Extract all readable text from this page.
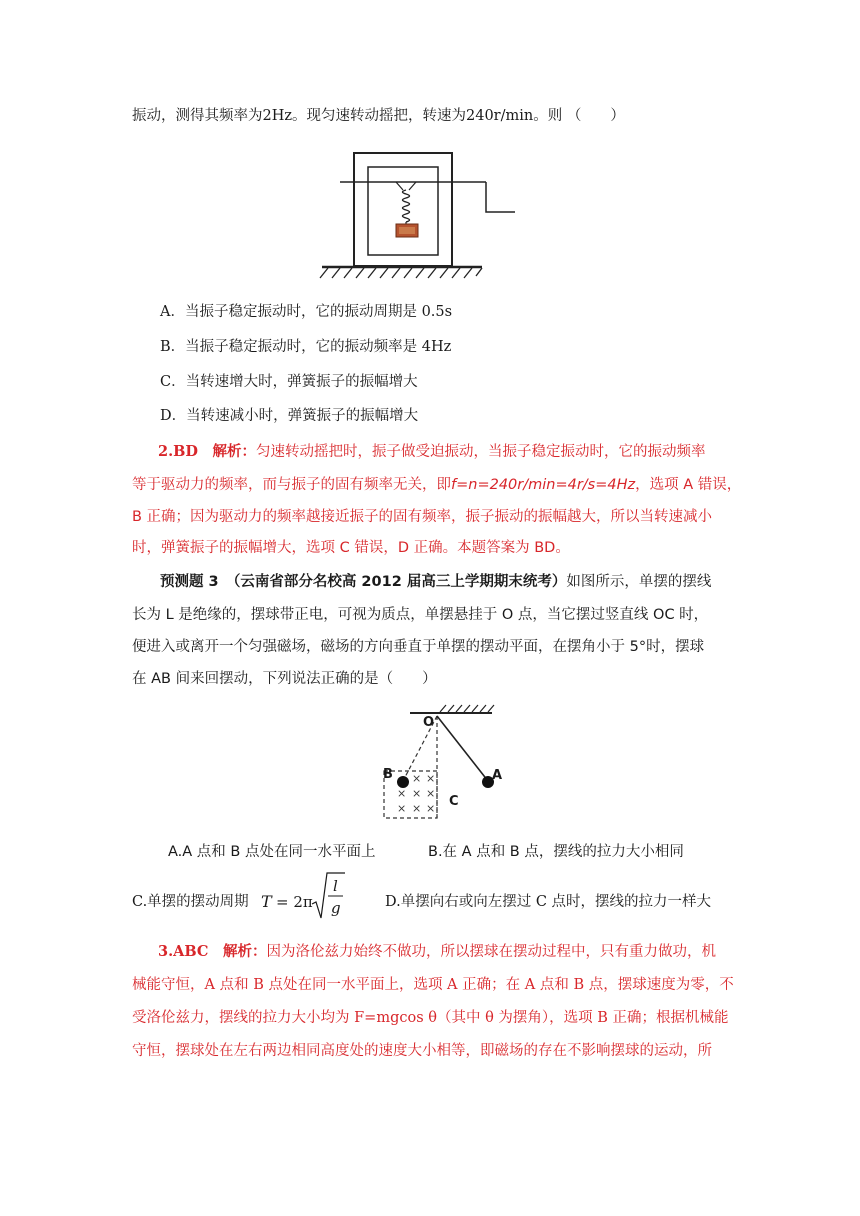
振动，测得其频率为2Hz。现匀速转动摇把，转速为240r/min。则 （　　）
A．当振子稳定振动时，它的振动周期是 0.5s
B．当振子稳定振动时，它的振动频率是 4Hz
C．当转速增大时，弹簧振子的振幅增大
D．当转速减小时，弹簧振子的振幅增大
2.BD　解析：匀速转动摇把时，振子做受迫振动，当振子稳定振动时，它的振动频率
等于驱动力的频率，而与振子的固有频率无关，即f=n=240r/min=4r/s=4Hz，选项 A 错误，
B 正确；因为驱动力的频率越接近振子的固有频率，振子振动的振幅越大，所以当转速减小
时，弹簧振子的振幅增大，选项 C 错误，D 正确。本题答案为 BD。
预测题 3　（云南省部分名校高 2012 届高三上学期期末统考）如图所示，单摆的摆线
长为 L 是绝缘的，摆球带正电，可视为质点，单摆悬挂于 O 点，当它摆过竖直线 OC 时，
便进入或离开一个匀强磁场，磁场的方向垂直于单摆的摆动平面，在摆角小于 5°时，摆球
在 AB 间来回摆动，下列说法正确的是（　　）
O
B	A
C
× ×
× × ×
× × ×
A.A 点和 B 点处在同一水平面上	B.在 A 点和 B 点，摆线的拉力大小相同
C.单摆的摆动周期 T = 2π
l
g	D.单摆向右或向左摆过 C 点时，摆线的拉力一样大
3.ABC　解析：因为洛伦兹力始终不做功，所以摆球在摆动过程中，只有重力做功，机
械能守恒，A 点和 B 点处在同一水平面上，选项 A 正确；在 A 点和 B 点，摆球速度为零，不
受洛伦兹力，摆线的拉力大小均为 F=mgcos θ（其中 θ 为摆角），选项 B 正确；根据机械能
守恒，摆球处在左右两边相同高度处的速度大小相等，即磁场的存在不影响摆球的运动，所
